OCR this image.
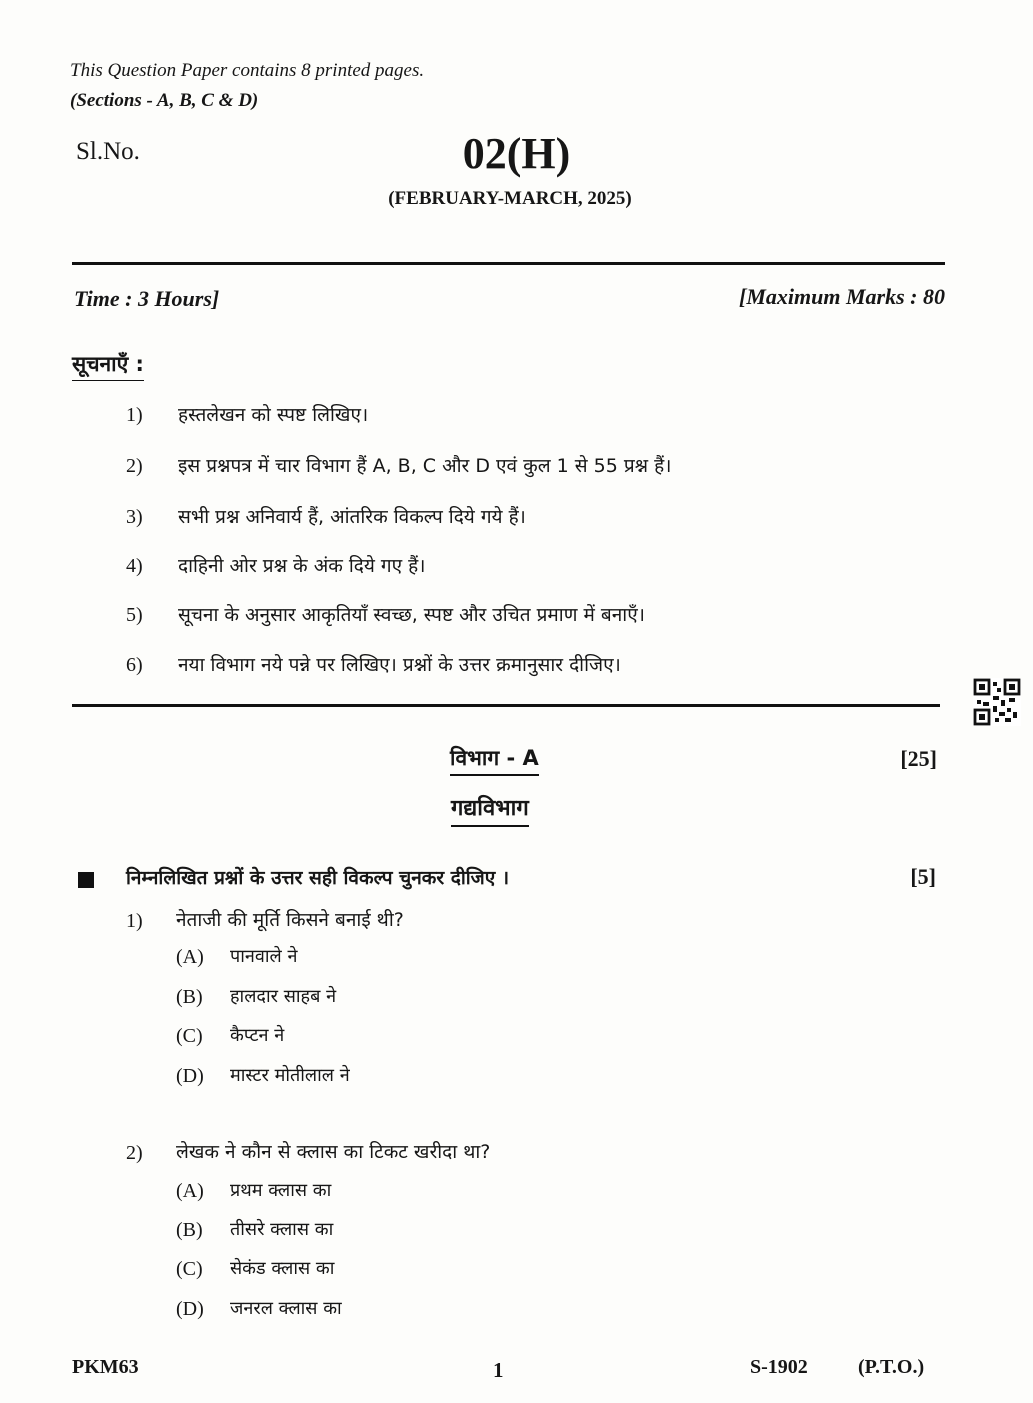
This Question Paper contains 8 printed pages.
(Sections - A, B, C & D)
Sl.No.	02(H)
(FEBRUARY-MARCH, 2025)
Time : 3 Hours]	[Maximum Marks : 80
सूचनाएँ :
1) हस्तलेखन को स्पष्ट लिखिए।
2) इस प्रश्नपत्र में चार विभाग हैं A, B, C और D एवं कुल 1 से 55 प्रश्न हैं।
3) सभी प्रश्न अनिवार्य हैं, आंतरिक विकल्प दिये गये हैं।
4) दाहिनी ओर प्रश्न के अंक दिये गए हैं।
5) सूचना के अनुसार आकृतियाँ स्वच्छ, स्पष्ट और उचित प्रमाण में बनाएँ।
6) नया विभाग नये पन्ने पर लिखिए। प्रश्नों के उत्तर क्रमानुसार दीजिए।
विभाग - A	[25]
गद्यविभाग
निम्नलिखित प्रश्नों के उत्तर सही विकल्प चुनकर दीजिए ।	[5]
1) नेताजी की मूर्ति किसने बनाई थी?
(A) पानवाले ने
(B) हालदार साहब ने
(C) कैप्टन ने
(D) मास्टर मोतीलाल ने
2) लेखक ने कौन से क्लास का टिकट खरीदा था?
(A) प्रथम क्लास का
(B) तीसरे क्लास का
(C) सेकंड क्लास का
(D) जनरल क्लास का
PKM63	1	S-1902	(P.T.O.)
